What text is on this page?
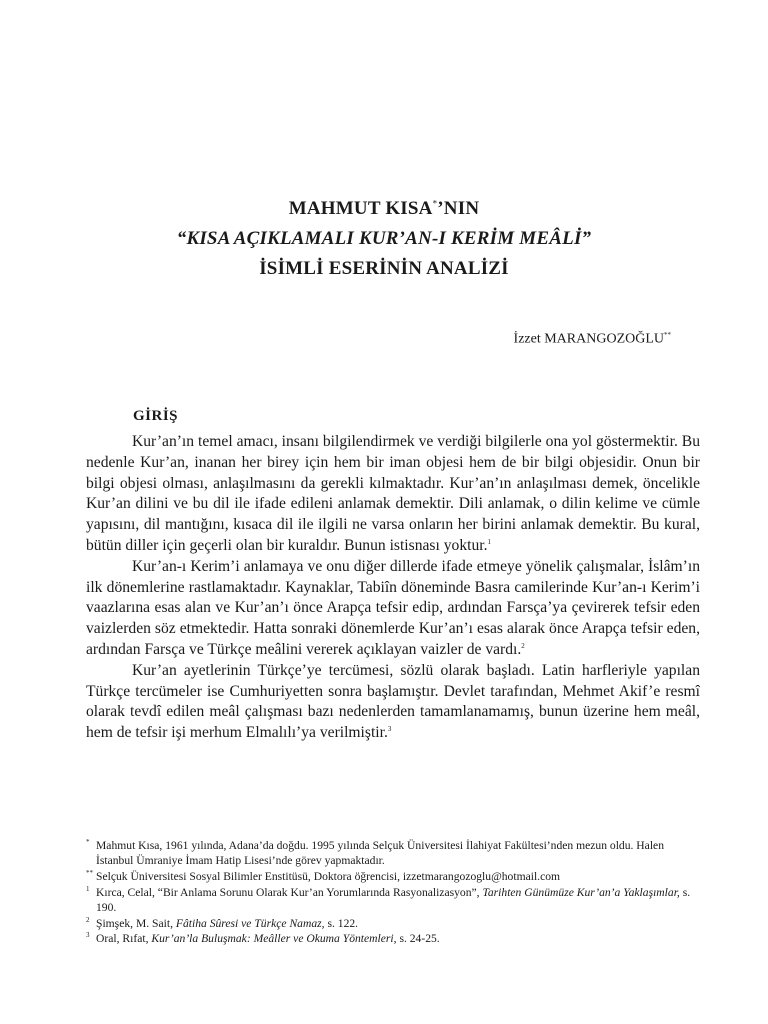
MAHMUT KISA*’NIN
“KISA AÇIKLAMALI KUR’AN-I KERİM MEÂLİ”
İSİMLİ ESERİNİN ANALİZİ
İzzet MARANGOZOĞLU**
GİRİŞ

Kur’an’ın temel amacı, insanı bilgilendirmek ve verdiği bilgilerle ona yol göstermektir. Bu nedenle Kur’an, inanan her birey için hem bir iman objesi hem de bir bilgi objesidir. Onun bir bilgi objesi olması, anlaşılmasını da gerekli kılmaktadır. Kur’an’ın anlaşılması demek, öncelikle Kur’an dilini ve bu dil ile ifade edileni anlamak demektir. Dili anlamak, o dilin kelime ve cümle yapısını, dil mantığını, kısaca dil ile ilgili ne varsa onların her birini anlamak demektir. Bu kural, bütün diller için geçerli olan bir kuraldır. Bunun istisnası yoktur.$^1$

Kur’an-ı Kerim’i anlamaya ve onu diğer dillerde ifade etmeye yönelik çalışmalar, İslâm’ın ilk dönemlerine rastlamaktadır. Kaynaklar, Tabiîn döneminde Basra camilerinde Kur’an-ı Kerim’i vaazlarına esas alan ve Kur’an’ı önce Arapça tefsir edip, ardından Farsça’ya çevirerek tefsir eden vaizlerden söz etmektedir. Hatta sonraki dönemlerde Kur’an’ı esas alarak önce Arapça tefsir eden, ardından Farsça ve Türkçe meâlini vererek açıklayan vaizler de vardı.$^2$

Kur’an ayetlerinin Türkçe’ye tercümesi, sözlü olarak başladı. Latin harfleriyle yapılan Türkçe tercümeler ise Cumhuriyetten sonra başlamıştır. Devlet tarafından, Mehmet Akif’e resmî olarak tevdî edilen meâl çalışması bazı nedenlerden tamamlanamamış, bunun üzerine hem meâl, hem de tefsir işi merhum Elmalılı’ya verilmiştir.$^3$

* Mahmut Kısa, 1961 yılında, Adana’da doğdu. 1995 yılında Selçuk Üniversitesi İlahiyat Fakültesi’nden mezun oldu. Halen İstanbul Ümraniye İmam Hatip Lisesi’nde görev yapmaktadır.

** Selçuk Üniversitesi Sosyal Bilimler Enstitüsü, Doktora öğrencisi, izzetmarangozoglu@hotmail.com

1 Kırca, Celal, “Bir Anlama Sorunu Olarak Kur’an Yorumlarında Rasyonalizasyon”, Tarihten Günümüze Kur’an’a Yaklaşımlar, s. 190.

2 Şimşek, M. Sait, Fâtiha Sûresi ve Türkçe Namaz, s. 122.

3 Oral, Rıfat, Kur’an’la Buluşmak: Meâller ve Okuma Yöntemleri, s. 24-25.
